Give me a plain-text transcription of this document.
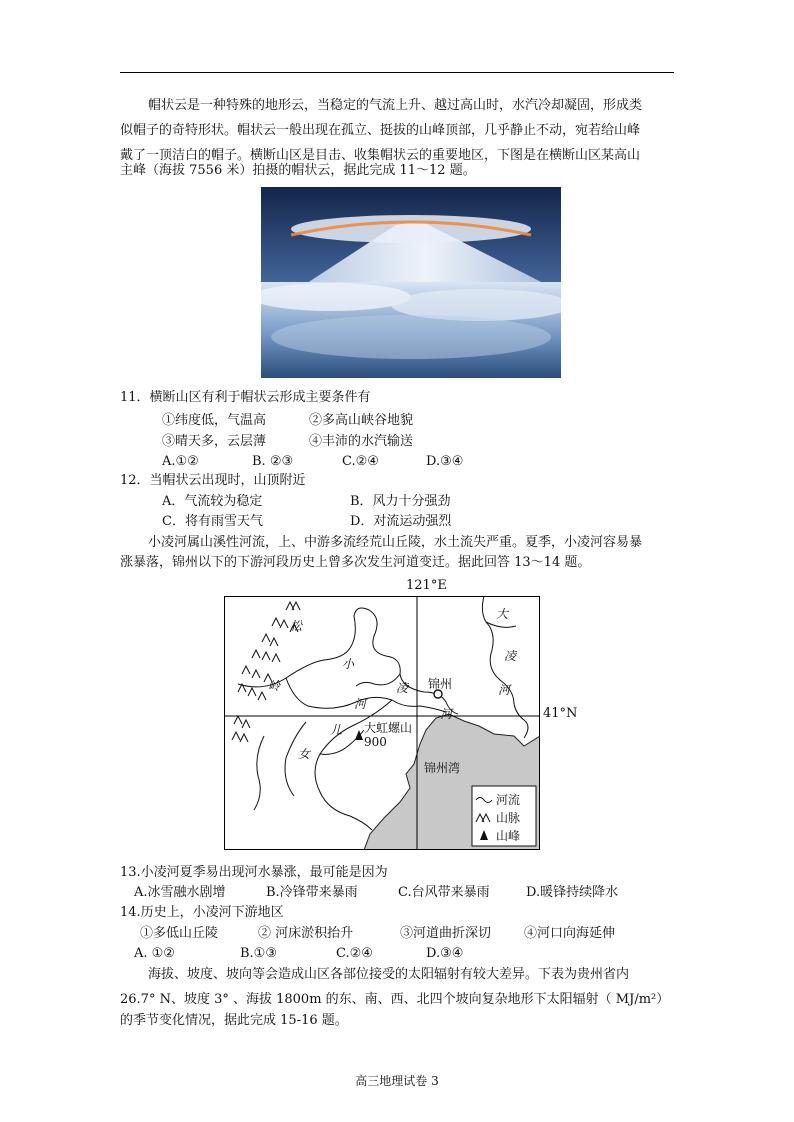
帽状云是一种特殊的地形云，当稳定的气流上升、越过高山时，水汽冷却凝固，形成类
似帽子的奇特形状。帽状云一般出现在孤立、挺拔的山峰顶部，几乎静止不动，宛若给山峰
戴了一顶洁白的帽子。横断山区是目击、收集帽状云的重要地区，下图是在横断山区某高山
主峰（海拔 7556 米）拍摄的帽状云，据此完成 11～12 题。
11．横断山区有利于帽状云形成主要条件有
①纬度低，气温高	②多高山峡谷地貌
③晴天多，云层薄	④丰沛的水汽输送
A.①②	B. ②③	C.②④	D.③④
12．当帽状云出现时，山顶附近
A．气流较为稳定	B．风力十分强劲
C．将有雨雪天气	D．对流运动强烈
小凌河属山溪性河流，上、中游多流经荒山丘陵，水土流失严重。夏季，小凌河容易暴
涨暴落，锦州以下的下游河段历史上曾多次发生河道变迁。据此回答 13～14 题。
121°E
41°N
松
岭
小
凌
河
河
儿
女
大
凌
河
锦州
大虹螺山
900
锦州湾
河流
山脉
山峰
13.小凌河夏季易出现河水暴涨，最可能是因为
A.冰雪融水剧增	B.冷锋带来暴雨	C.台风带来暴雨	D.暖锋持续降水
14.历史上，小凌河下游地区
①多低山丘陵	② 河床淤积抬升	③河道曲折深切	④河口向海延伸
A. ①②	B.①③	C.②④	D.③④
海拔、坡度、坡向等会造成山区各部位接受的太阳辐射有较大差异。下表为贵州省内
26.7° N、坡度 3° 、海拔 1800m 的东、南、西、北四个坡向复杂地形下太阳辐射（ MJ/m²）
的季节变化情况，据此完成 15-16 题。
高三地理试卷 3
